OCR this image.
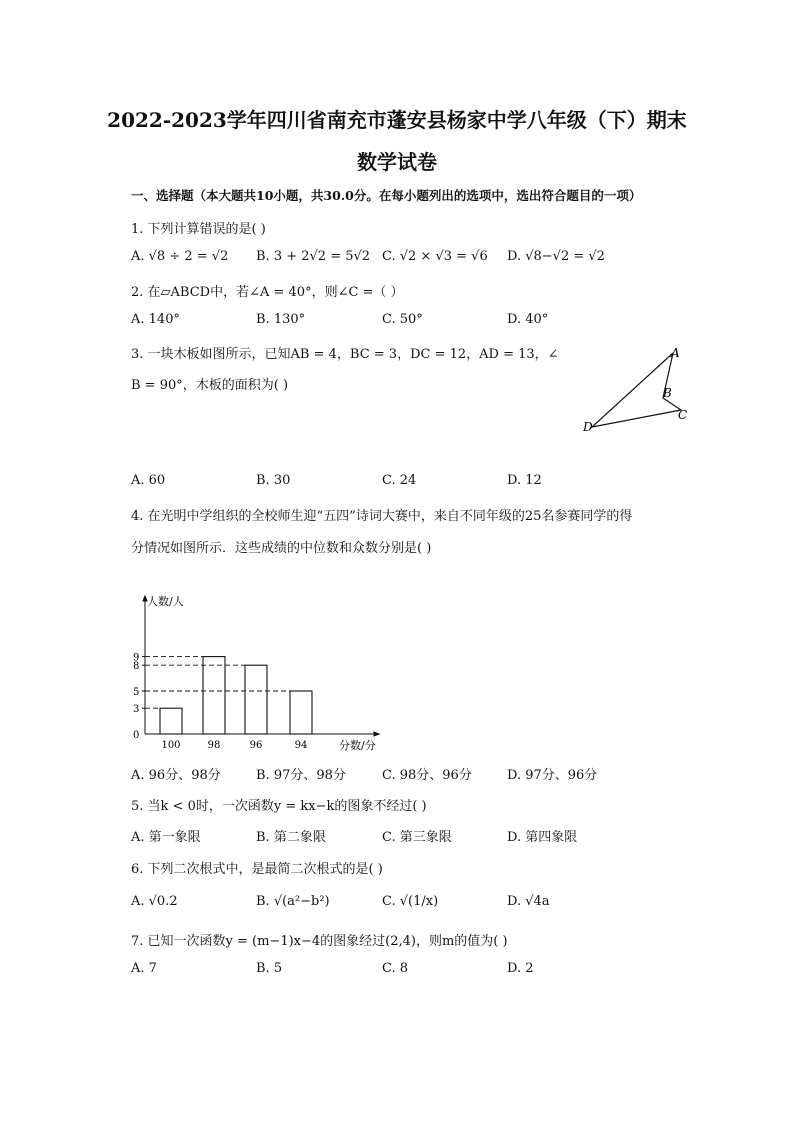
2022-2023学年四川省南充市蓬安县杨家中学八年级（下）期末
数学试卷
一、选择题（本大题共10小题，共30.0分。在每小题列出的选项中，选出符合题目的一项）
1. 下列计算错误的是( )
A. √8 ÷ 2 = √2 B. 3 + 2√2 = 5√2 C. √2 × √3 = √6 D. √8−√2 = √2
2. 在▱ABCD中，若∠A = 40°，则∠C =（ ）
A. 140°	B. 130°	C. 50°	D. 40°
3. 一块木板如图所示，已知AB = 4，BC = 3，DC = 12，AD = 13，∠
B = 90°，木板的面积为( )
A
B
C
D
A. 60	B. 30	C. 24	D. 12
4. 在光明中学组织的全校师生迎“五四”诗词大赛中，来自不同年级的25名参赛同学的得
分情况如图所示．这些成绩的中位数和众数分别是( )
人数/人
分数/分
0
3
5
8
9
100	98	96	94
A. 96分、98分	B. 97分、98分	C. 98分、96分	D. 97分、96分
5. 当k < 0时，一次函数y = kx−k的图象不经过( )
A. 第一象限	B. 第二象限	C. 第三象限	D. 第四象限
6. 下列二次根式中，是最简二次根式的是( )
A. √0.2	B. √(a²−b²)	C. √(1/x)	D. √4a
7. 已知一次函数y = (m−1)x−4的图象经过(2,4)，则m的值为( )
A. 7	B. 5	C. 8	D. 2
